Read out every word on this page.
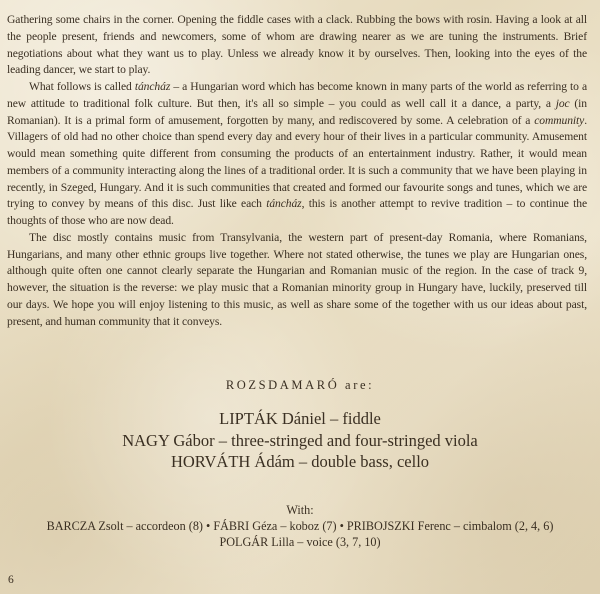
Gathering some chairs in the corner. Opening the fiddle cases with a clack. Rubbing the bows with rosin. Having a look at all the people present, friends and newcomers, some of whom are drawing nearer as we are tuning the instruments. Brief negotiations about what they want us to play. Unless we already know it by ourselves. Then, looking into the eyes of the leading dancer, we start to play.

What follows is called táncház – a Hungarian word which has become known in many parts of the world as referring to a new attitude to traditional folk culture. But then, it's all so simple – you could as well call it a dance, a party, a joc (in Romanian). It is a primal form of amusement, forgotten by many, and rediscovered by some. A celebration of a community. Villagers of old had no other choice than spend every day and every hour of their lives in a particular community. Amusement would mean something quite different from consuming the products of an entertainment industry. Rather, it would mean members of a community interacting along the lines of a traditional order. It is such a community that we have been playing in recently, in Szeged, Hungary. And it is such communities that created and formed our favourite songs and tunes, which we are trying to convey by means of this disc. Just like each táncház, this is another attempt to revive tradition – to continue the thoughts of those who are now dead.

The disc mostly contains music from Transylvania, the western part of present-day Romania, where Romanians, Hungarians, and many other ethnic groups live together. Where not stated otherwise, the tunes we play are Hungarian ones, although quite often one cannot clearly separate the Hungarian and Romanian music of the region. In the case of track 9, however, the situation is the reverse: we play music that a Romanian minority group in Hungary have, luckily, preserved till our days. We hope you will enjoy listening to this music, as well as share some of the together with us our ideas about past, present, and human community that it conveys.

ROZSDAMARÓ are:
LIPTÁK Dániel – fiddle
NAGY Gábor – three-stringed and four-stringed viola
HORVÁTH Ádám – double bass, cello
With:
BARCZA Zsolt – accordeon (8) • FÁBRI Géza – koboz (7) • PRIBOJSZKI Ferenc – cimbalom (2, 4, 6)
POLGÁR Lilla – voice (3, 7, 10)
6
